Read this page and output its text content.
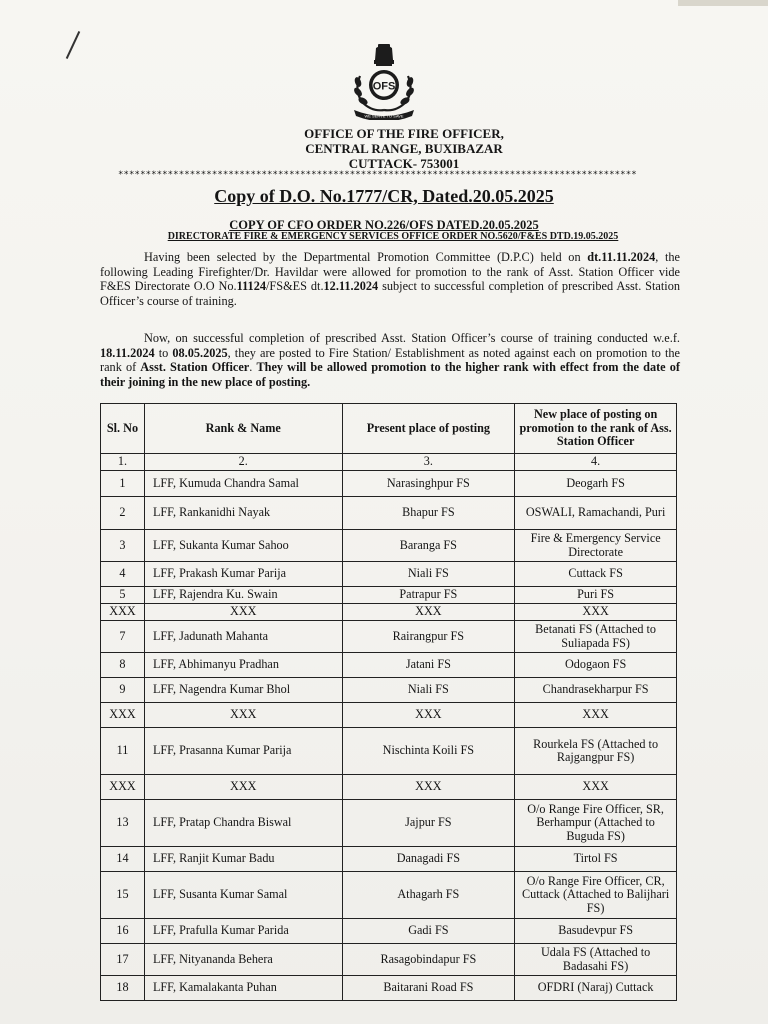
OFS
WE SERVE TO SAVE
OFFICE OF THE FIRE OFFICER,
CENTRAL RANGE, BUXIBAZAR
CUTTACK- 753001
**********************************************************************************************
Copy of D.O. No.1777/CR, Dated.20.05.2025
COPY OF CFO ORDER NO.226/OFS DATED.20.05.2025
DIRECTORATE FIRE & EMERGENCY SERVICES OFFICE ORDER NO.5620/F&ES DTD.19.05.2025
Having been selected by the Departmental Promotion Committee (D.P.C) held on dt.11.11.2024, the following Leading Firefighter/Dr. Havildar were allowed for promotion to the rank of Asst. Station Officer vide F&ES Directorate O.O No.11124/FS&ES dt.12.11.2024 subject to successful completion of prescribed Asst. Station Officer’s course of training.
Now, on successful completion of prescribed Asst. Station Officer’s course of training conducted w.e.f. 18.11.2024 to 08.05.2025, they are posted to Fire Station/ Establishment as noted against each on promotion to the rank of Asst. Station Officer. They will be allowed promotion to the higher rank with effect from the date of their joining in the new place of posting.
Sl. No	Rank & Name	Present place of posting	New place of posting on promotion to the rank of Ass. Station Officer
1.	2.	3.	4.
1	LFF, Kumuda Chandra Samal	Narasinghpur FS	Deogarh FS
2	LFF, Rankanidhi Nayak	Bhapur FS	OSWALI, Ramachandi, Puri
3	LFF, Sukanta Kumar Sahoo	Baranga FS	Fire & Emergency Service Directorate
4	LFF, Prakash Kumar Parija	Niali FS	Cuttack FS
5	LFF, Rajendra Ku. Swain	Patrapur FS	Puri FS
XXX	XXX	XXX	XXX
7	LFF, Jadunath Mahanta	Rairangpur FS	Betanati FS (Attached to Suliapada FS)
8	LFF, Abhimanyu Pradhan	Jatani FS	Odogaon FS
9	LFF, Nagendra Kumar Bhol	Niali FS	Chandrasekharpur FS
XXX	XXX	XXX	XXX
11	LFF, Prasanna Kumar Parija	Nischinta Koili FS	Rourkela FS (Attached to Rajgangpur FS)
XXX	XXX	XXX	XXX
13	LFF, Pratap Chandra Biswal	Jajpur FS	O/o Range Fire Officer, SR, Berhampur (Attached to Buguda FS)
14	LFF, Ranjit Kumar Badu	Danagadi FS	Tirtol FS
15	LFF, Susanta Kumar Samal	Athagarh FS	O/o Range Fire Officer, CR, Cuttack (Attached to Balijhari FS)
16	LFF, Prafulla Kumar Parida	Gadi FS	Basudevpur FS
17	LFF, Nityananda Behera	Rasagobindapur FS	Udala FS (Attached to Badasahi FS)
18	LFF, Kamalakanta Puhan	Baitarani Road FS	OFDRI (Naraj) Cuttack
